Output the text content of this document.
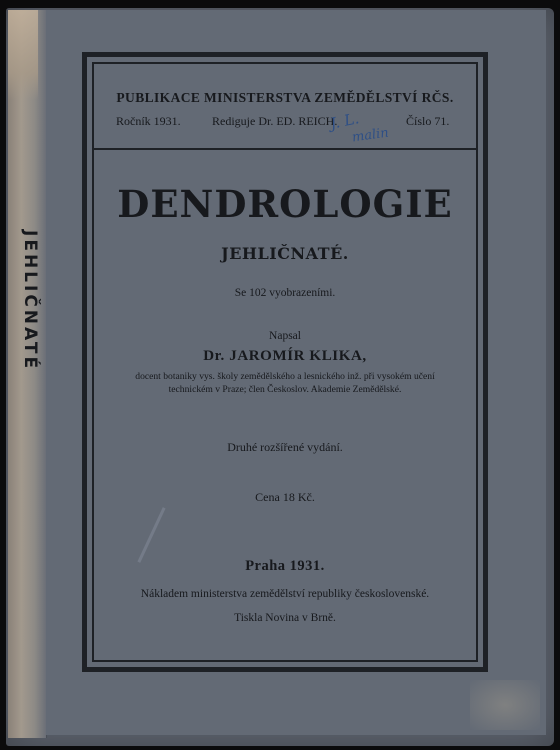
JEHLIČNATÉ
PUBLIKACE MINISTERSTVA ZEMĚDĚLSTVÍ RČS.
Ročník 1931.	Rediguje Dr. ED. REICH.	Číslo 71.
J. L.
malin
DENDROLOGIE
JEHLIČNATÉ.
Se 102 vyobrazeními.
Napsal
Dr. JAROMÍR KLIKA,
docent botaniky vys. školy zemědělského a lesnického inž. při vysokém učení technickém v Praze; člen Českoslov. Akademie Zemědělské.
Druhé rozšířené vydání.
Cena 18 Kč.
Praha 1931.
Nákladem ministerstva zemědělství republiky československé.
Tiskla Novina v Brně.
